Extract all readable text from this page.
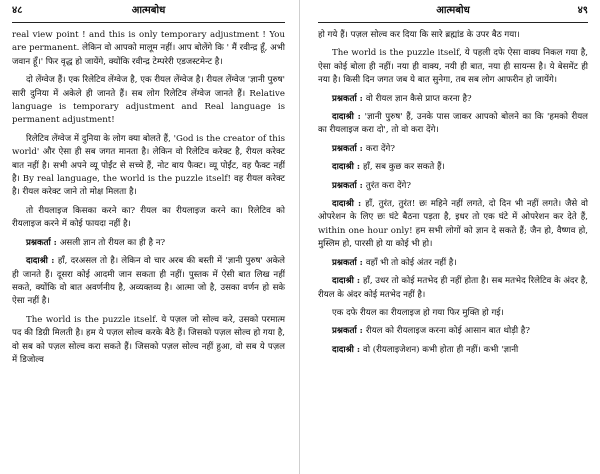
४८	आत्मबोध

real view point ! and this is only temporary adjustment ! You are permanent. लेकिन वो आपको मालूम नहीं। आप बोलेंगे कि ' मैं रवीन्द्र हूँ, अभी जवान हूँ।' फिर वृद्ध हो जायेंगे, क्योंकि रवीन्द्र टेम्परेरी एडजस्टमेन्ट है।

दो लेंग्वेज हैं। एक रिलेटिव लेंग्वेज है, एक रीयल लेंग्वेज है। रीयल लेंग्वेज 'ज्ञानी पुरुष' सारी दुनिया में अकेले ही जानते हैं। सब लोग रिलेटिव लेंग्वेज जानते हैं। Relative language is temporary adjustment and Real language is permanent adjustment!

रिलेटिव लेंग्वेज में दुनिया के लोग क्या बोलते हैं, 'God is the creator of this world' और ऐसा ही सब जगत मानता है। लेकिन वो रिलेटिव करेक्ट है, रीयल करेक्ट बात नहीं है। सभी अपने व्यू पोईंट से सच्चे हैं, नोट बाय फैक्ट। व्यू पोईंट, वह फैक्ट नहीं है। By real language, the world is the puzzle itself! वह रीयल करेक्ट है। रीयल करेक्ट जाने तो मोक्ष मिलता है।

तो रीयलाइज किसका करने का? रीयल का रीयलाइज करने का। रिलेटिव को रीयलाइज करने में कोई फायदा नहीं है।

प्रश्नकर्ता : असली ज्ञान तो रीयल का ही है न?

दादाश्री : हाँ, दरअसल तो है। लेकिन वो चार अरब की बस्ती में 'ज्ञानी पुरुष' अकेले ही जानते हैं। दूसरा कोई आदमी जान सकता ही नहीं। पुस्तक में ऐसी बात लिख नहीं सकते, क्योंकि वो बात अवर्णनीय है, अव्यक्तव्य है। आत्मा जो है, उसका वर्णन हो सके ऐसा नहीं है।

The world is the puzzle itself. ये पज़ल जो सोल्व करे, उसको परमात्म पद की डिग्री मिलती है। हम ये पज़ल सोल्व करके बैठे हैं। जिसको पज़ल सोल्व हो गया है, वो सब को पज़ल सोल्व करा सकते हैं। जिसको पज़ल सोल्व नहीं हुआ, वो सब ये पज़ल में डिजोल्व

आत्मबोध	४९

हो गये हैं। पज़ल सोल्व कर दिया कि सारे ब्रह्मांड के उपर बैठ गया।

The world is the puzzle itself, ये पहली दफे ऐसा वाक्य निकल गया है, ऐसा कोई बोला ही नहीं। नया ही वाक्य, नयी ही बात, नया ही सायन्स है। ये बेसमेंट ही नया है। किसी दिन जगत जब ये बात सुनेगा, तब सब लोग आफरीन हो जायेंगे।

प्रश्नकर्ता : वो रीयल ज्ञान कैसे प्राप्त करना है?

दादाश्री : 'ज्ञानी पुरुष' हैं, उनके पास जाकर आपको बोलने का कि 'हमको रीयल का रीयलाइज करा दो', तो वो करा देंगे।

प्रश्नकर्ता : करा देंगे?

दादाश्री : हाँ, सब कुछ कर सकते हैं।

प्रश्नकर्ता : तुरंत करा देंगे?

दादाश्री : हाँ, तुरंत, तुरंत! छः महिने नहीं लगते, दो दिन भी नहीं लगते। जैसे वो ओपरेशन के लिए छः घंटे बैठना पड़ता है, इधर तो एक घंटे में ओपरेशन कर देते हैं, within one hour only! हम सभी लोगों को ज्ञान दे सकते हैं; जैन हो, वैष्णव हो, मुस्लिम हो, पारसी हो या कोई भी हो।

प्रश्नकर्ता : वहाँ भी तो कोई अंतर नहीं है।

दादाश्री : हाँ, उधर तो कोई मतभेद ही नहीं होता है। सब मतभेद रिलेटिव के अंदर है, रीयल के अंदर कोई मतभेद नहीं है।

एक दफे रीयल का रीयलाइज हो गया फिर मुक्ति हो गई।

प्रश्नकर्ता : रीयल को रीयलाइज करना कोई आसान बात थोड़ी है?

दादाश्री : वो (रीयलाइजेशन) कभी होता ही नहीं। कभी 'ज्ञानी
